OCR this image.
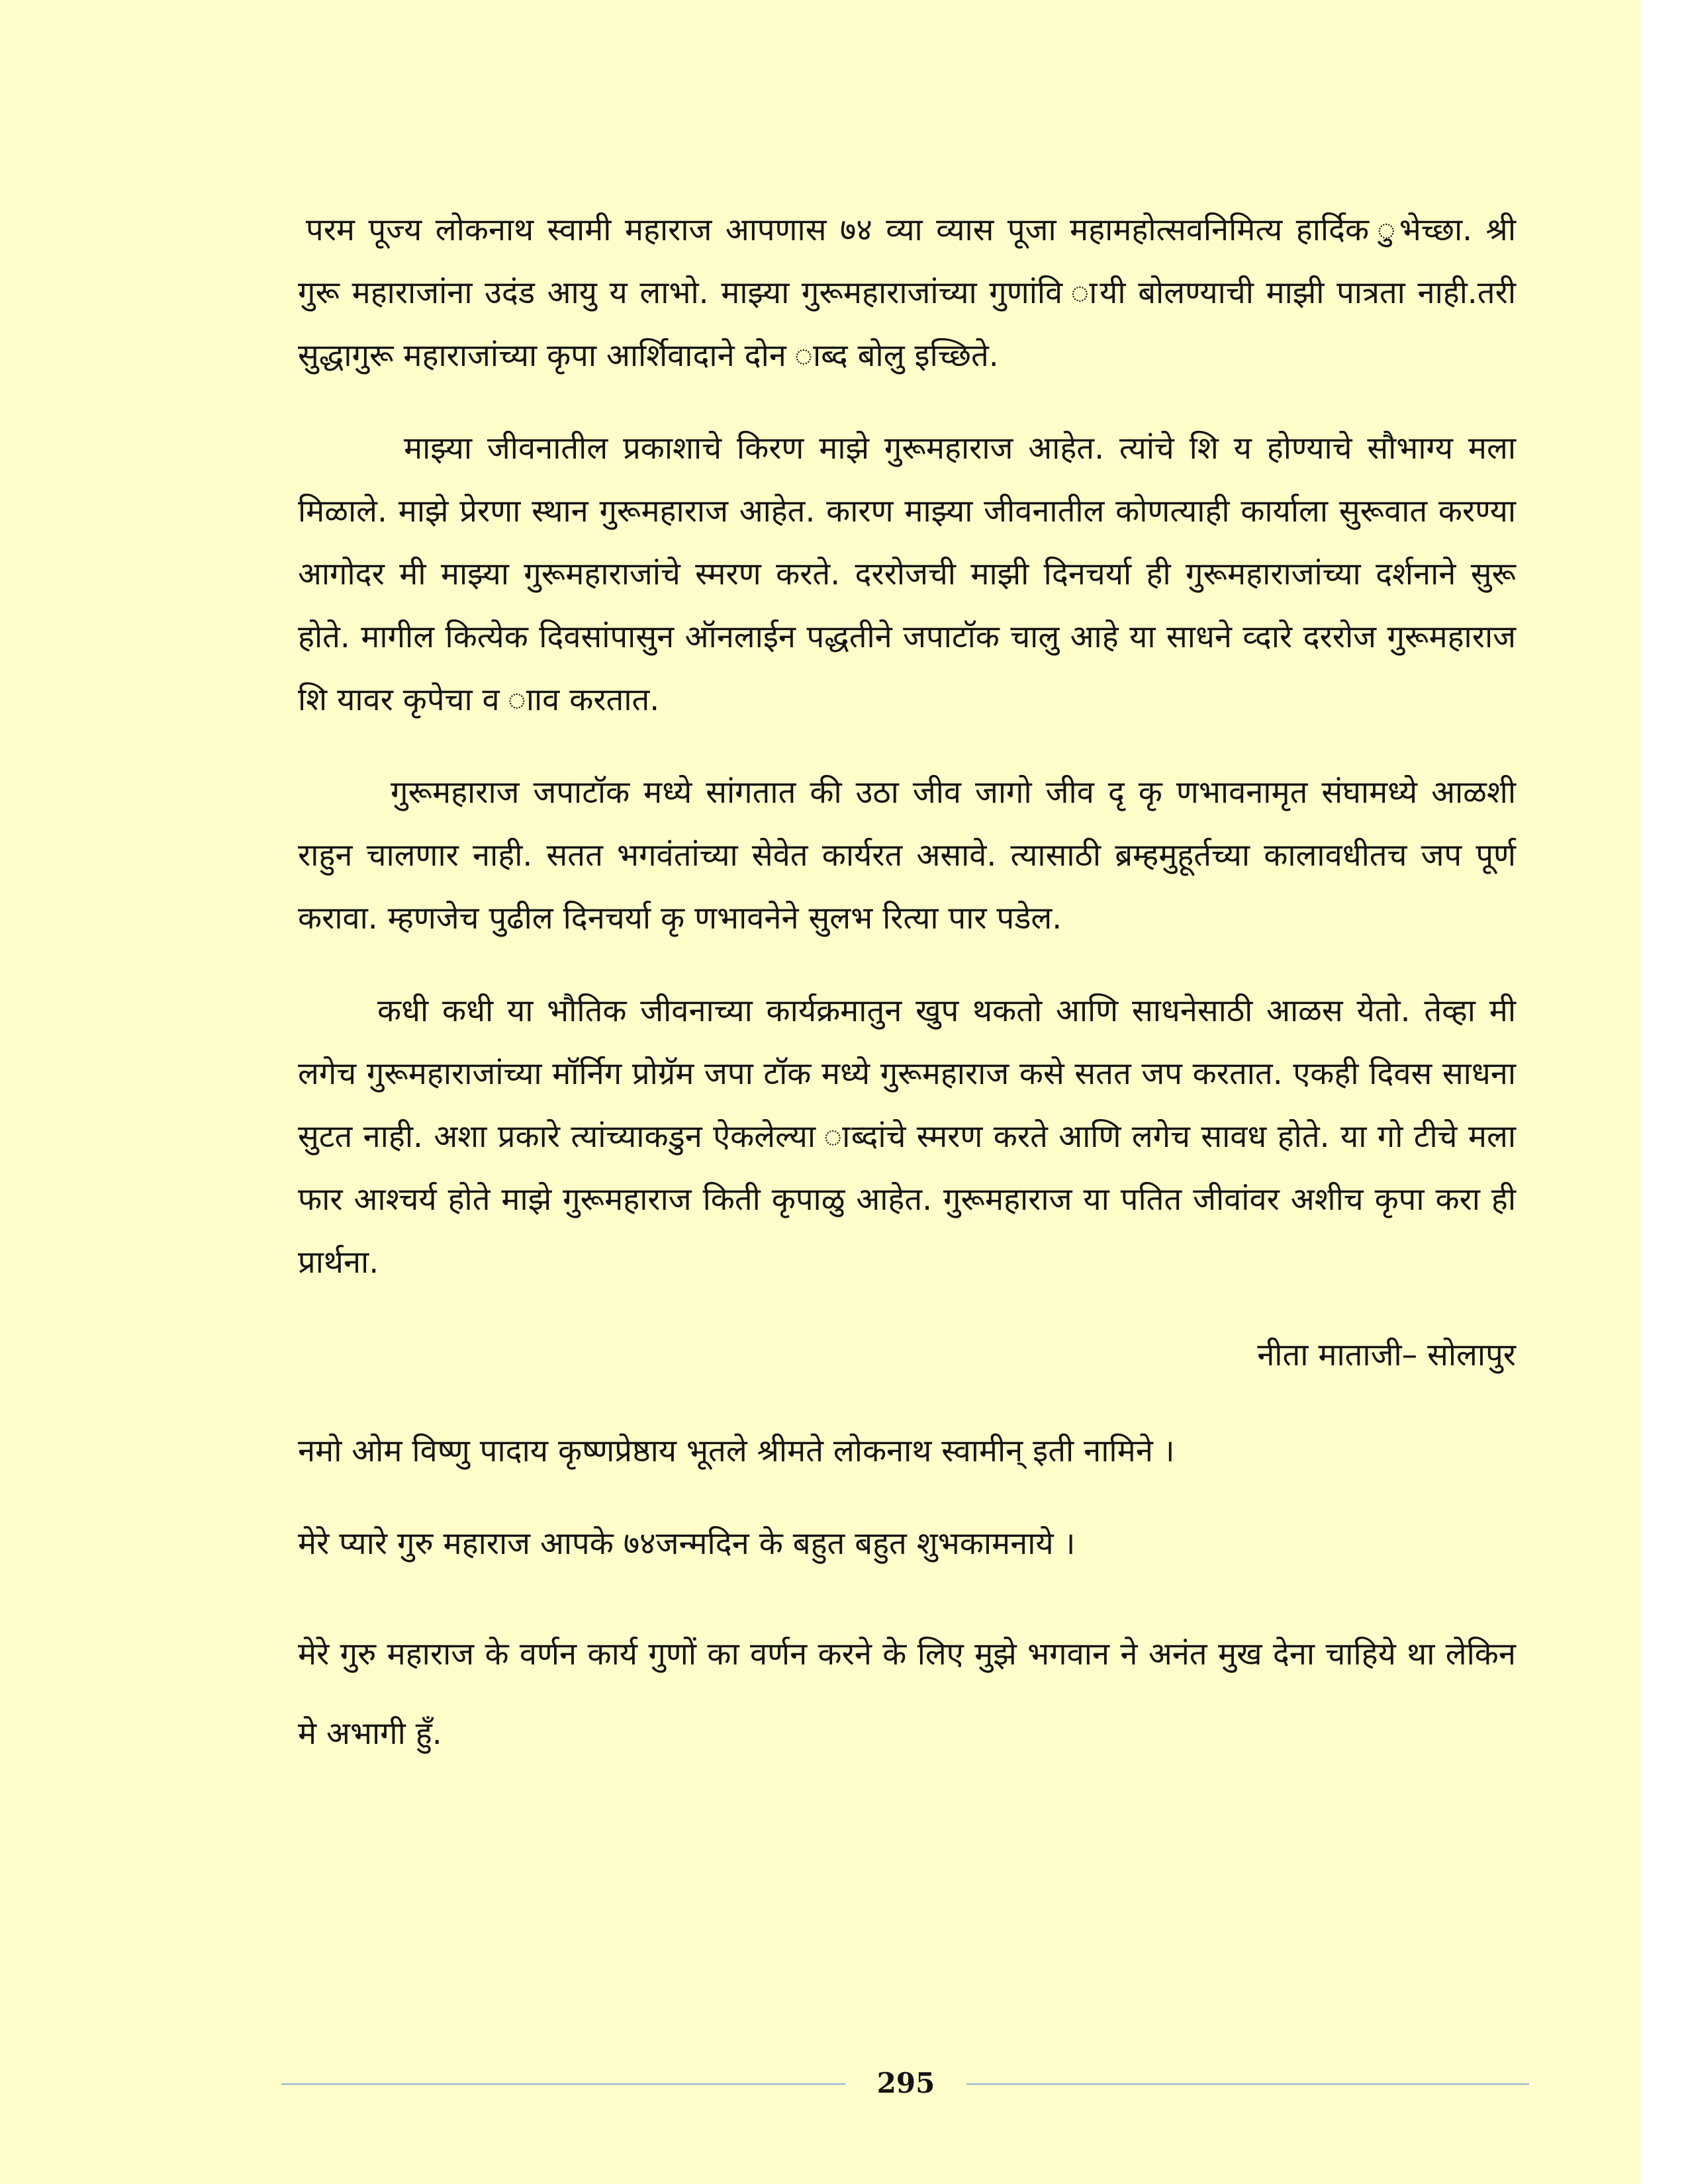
परम पूज्य लोकनाथ स्वामी महाराज आपणास ७४ व्या व्यास पूजा महामहोत्सवनिमित्य हार्दिक ुभेच्छा. श्री गुरू महाराजांना उदंड आयु य लाभो. माझ्या गुरूमहाराजांच्या गुणांवि ायी बोलण्याची माझी पात्रता नाही.तरी सुद्धागुरू महाराजांच्या कृपा आर्शिवादाने दोन ाब्द बोलु इच्छिते.

माझ्या जीवनातील प्रकाशाचे किरण माझे गुरूमहाराज आहेत. त्यांचे शि य होण्याचे सौभाग्य मला मिळाले. माझे प्रेरणा स्थान गुरूमहाराज आहेत. कारण माझ्या जीवनातील कोणत्याही कार्याला सुरूवात करण्या आगोदर मी माझ्या गुरूमहाराजांचे स्मरण करते. दररोजची माझी दिनचर्या ही गुरूमहाराजांच्या दर्शनाने सुरू होते. मागील कित्येक दिवसांपासुन ऑनलाईन पद्धतीने जपाटॉक चालु आहे या साधने व्दारे दररोज गुरूमहाराज शि यावर कृपेचा व ााव करतात.

गुरूमहाराज जपाटॉक मध्ये सांगतात की उठा जीव जागो जीव दृ कृ णभावनामृत संघामध्ये आळशी राहुन चालणार नाही. सतत भगवंतांच्या सेवेत कार्यरत असावे. त्यासाठी ब्रम्हमुहूर्तच्या कालावधीतच जप पूर्ण करावा. म्हणजेच पुढील दिनचर्या कृ णभावनेने सुलभ रित्या पार पडेल.

कधी कधी या भौतिक जीवनाच्या कार्यक्रमातुन खुप थकतो आणि साधनेसाठी आळस येतो. तेव्हा मी लगेच गुरूमहाराजांच्या मॉर्निग प्रोग्रॅम जपा टॉक मध्ये गुरूमहाराज कसे सतत जप करतात. एकही दिवस साधना सुटत नाही. अशा प्रकारे त्यांच्याकडुन ऐकलेल्या ाब्दांचे स्मरण करते आणि लगेच सावध होते. या गो टीचे मला फार आश्चर्य होते माझे गुरूमहाराज किती कृपाळु आहेत. गुरूमहाराज या पतित जीवांवर अशीच कृपा करा ही प्रार्थना.

नीता माताजी– सोलापुर

नमो ओम विष्णु पादाय कृष्णप्रेष्ठाय भूतले श्रीमते लोकनाथ स्वामीन् इती नामिने ।

मेरे प्यारे गुरु महाराज आपके ७४जन्मदिन के बहुत बहुत शुभकामनाये ।

मेरे गुरु महाराज के वर्णन कार्य गुणों का वर्णन करने के लिए मुझे भगवान ने अनंत मुख देना चाहिये था लेकिन मे अभागी हुँ.

295
